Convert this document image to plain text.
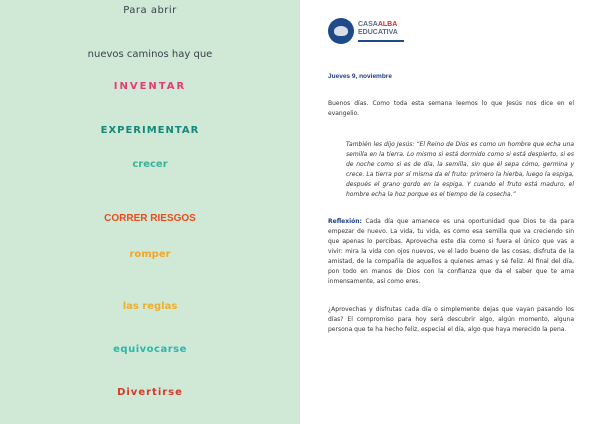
Para abrir
nuevos caminos hay que
INVENTAR
EXPERIMENTAR
crecer
CORRER RIESGOS
romper
las reglas
equivocarse
Divertirse
CASAALBA
EDUCATIVA
Jueves 9, noviembre
Buenos días. Como toda esta semana leemos lo que Jesús nos dice en el evangelio.
También les dijo Jesús: “El Reino de Dios es como un hombre que echa una semilla en la tierra. Lo mismo si está dormido como si está despierto, si es de noche como si es de día, la semilla, sin que él sepa cómo, germina y crece. La tierra por sí misma da el fruto: primero la hierba, luego la espiga, después el grano gordo en la espiga. Y cuando el fruto está maduro, el hombre echa la hoz porque es el tiempo de la cosecha.”
Reflexión: Cada día que amanece es una oportunidad que Dios te da para empezar de nuevo. La vida, tu vida, es como esa semilla que va creciendo sin que apenas lo percibas. Aprovecha este día como si fuera el único que vas a vivir: mira la vida con ojos nuevos, ve el lado bueno de las cosas, disfruta de la amistad, de la compañía de aquellos a quienes amas y sé feliz. Al final del día, pon todo en manos de Dios con la confianza que da el saber que te ama inmensamente, así como eres.
¿Aprovechas y disfrutas cada día o simplemente dejas que vayan pasando los días? El compromiso para hoy será descubrir algo, algún momento, alguna persona que te ha hecho feliz, especial el día, algo que haya merecido la pena.
